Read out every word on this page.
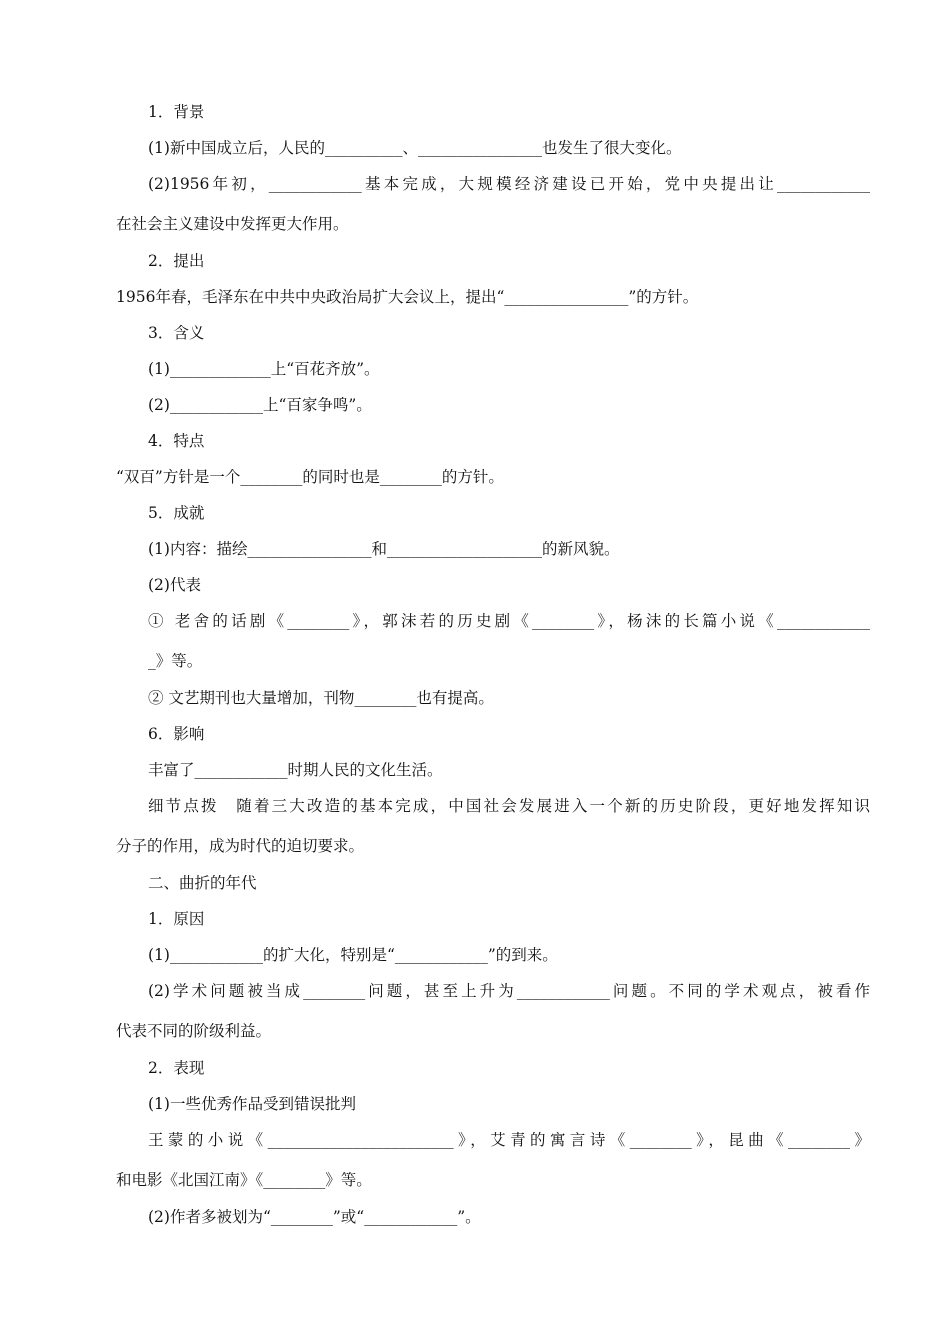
1．背景
(1)新中国成立后，人民的__________、________________也发生了很大变化。
(2)1956年初，____________基本完成，大规模经济建设已开始，党中央提出让____________
在社会主义建设中发挥更大作用。
2．提出
1956年春，毛泽东在中共中央政治局扩大会议上，提出“________________”的方针。
3．含义
(1)_____________上“百花齐放”。
(2)____________上“百家争鸣”。
4．特点
“双百”方针是一个________的同时也是________的方针。
5．成就
(1)内容：描绘________________和____________________的新风貌。
(2)代表
① 老舍的话剧《________》，郭沫若的历史剧《________》，杨沫的长篇小说《____________
_》等。
② 文艺期刊也大量增加，刊物________也有提高。
6．影响
丰富了____________时期人民的文化生活。
细节点拨　随着三大改造的基本完成，中国社会发展进入一个新的历史阶段，更好地发挥知识
分子的作用，成为时代的迫切要求。
二、曲折的年代
1．原因
(1)____________的扩大化，特别是“____________”的到来。
(2)学术问题被当成________问题，甚至上升为____________问题。不同的学术观点，被看作
代表不同的阶级利益。
2．表现
(1)一些优秀作品受到错误批判
王蒙的小说《________________________》，艾青的寓言诗《________》，昆曲《________》
和电影《北国江南》《________》等。
(2)作者多被划为“________”或“____________”。
